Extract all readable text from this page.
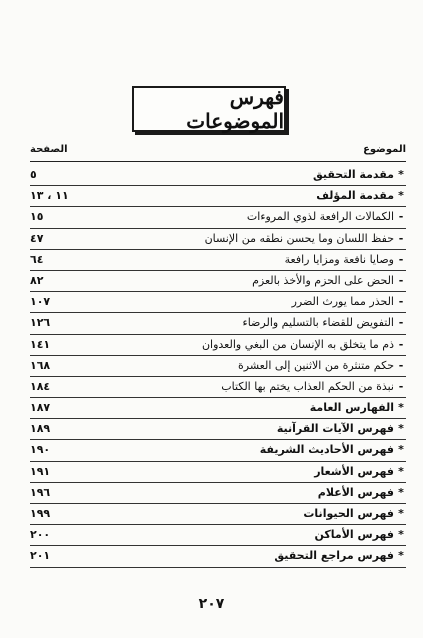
فهرس الموضوعات
الموضوع
الصفحة
*
مقدمة التحقيق
٥
*
مقدمة المؤلف
١١ ، ١٣
-
الكمالات الرافعة لذوي المروءات
١٥
-
حفظ اللسان وما يحسن نطقه من الإنسان
٤٧
-
وصايا نافعة ومزايا رافعة
٦٤
-
الحض على الحزم والأخذ بالعزم
٨٢
-
الحذر مما يورث الضرر
١٠٧
-
التفويض للقضاء بالتسليم والرضاء
١٢٦
-
ذم ما يتخلق به الإنسان من البغي والعدوان
١٤١
-
حكم متنثرة من الاثنين إلى العشرة
١٦٨
-
نبذة من الحكم العذاب يختم بها الكتاب
١٨٤
*
الفهارس العامة
١٨٧
*
فهرس الآيات القرآنية
١٨٩
*
فهرس الأحاديث الشريفة
١٩٠
*
فهرس الأشعار
١٩١
*
فهرس الأعلام
١٩٦
*
فهرس الحيوانات
١٩٩
*
فهرس الأماكن
٢٠٠
*
فهرس مراجع التحقيق
٢٠١
٢٠٧
